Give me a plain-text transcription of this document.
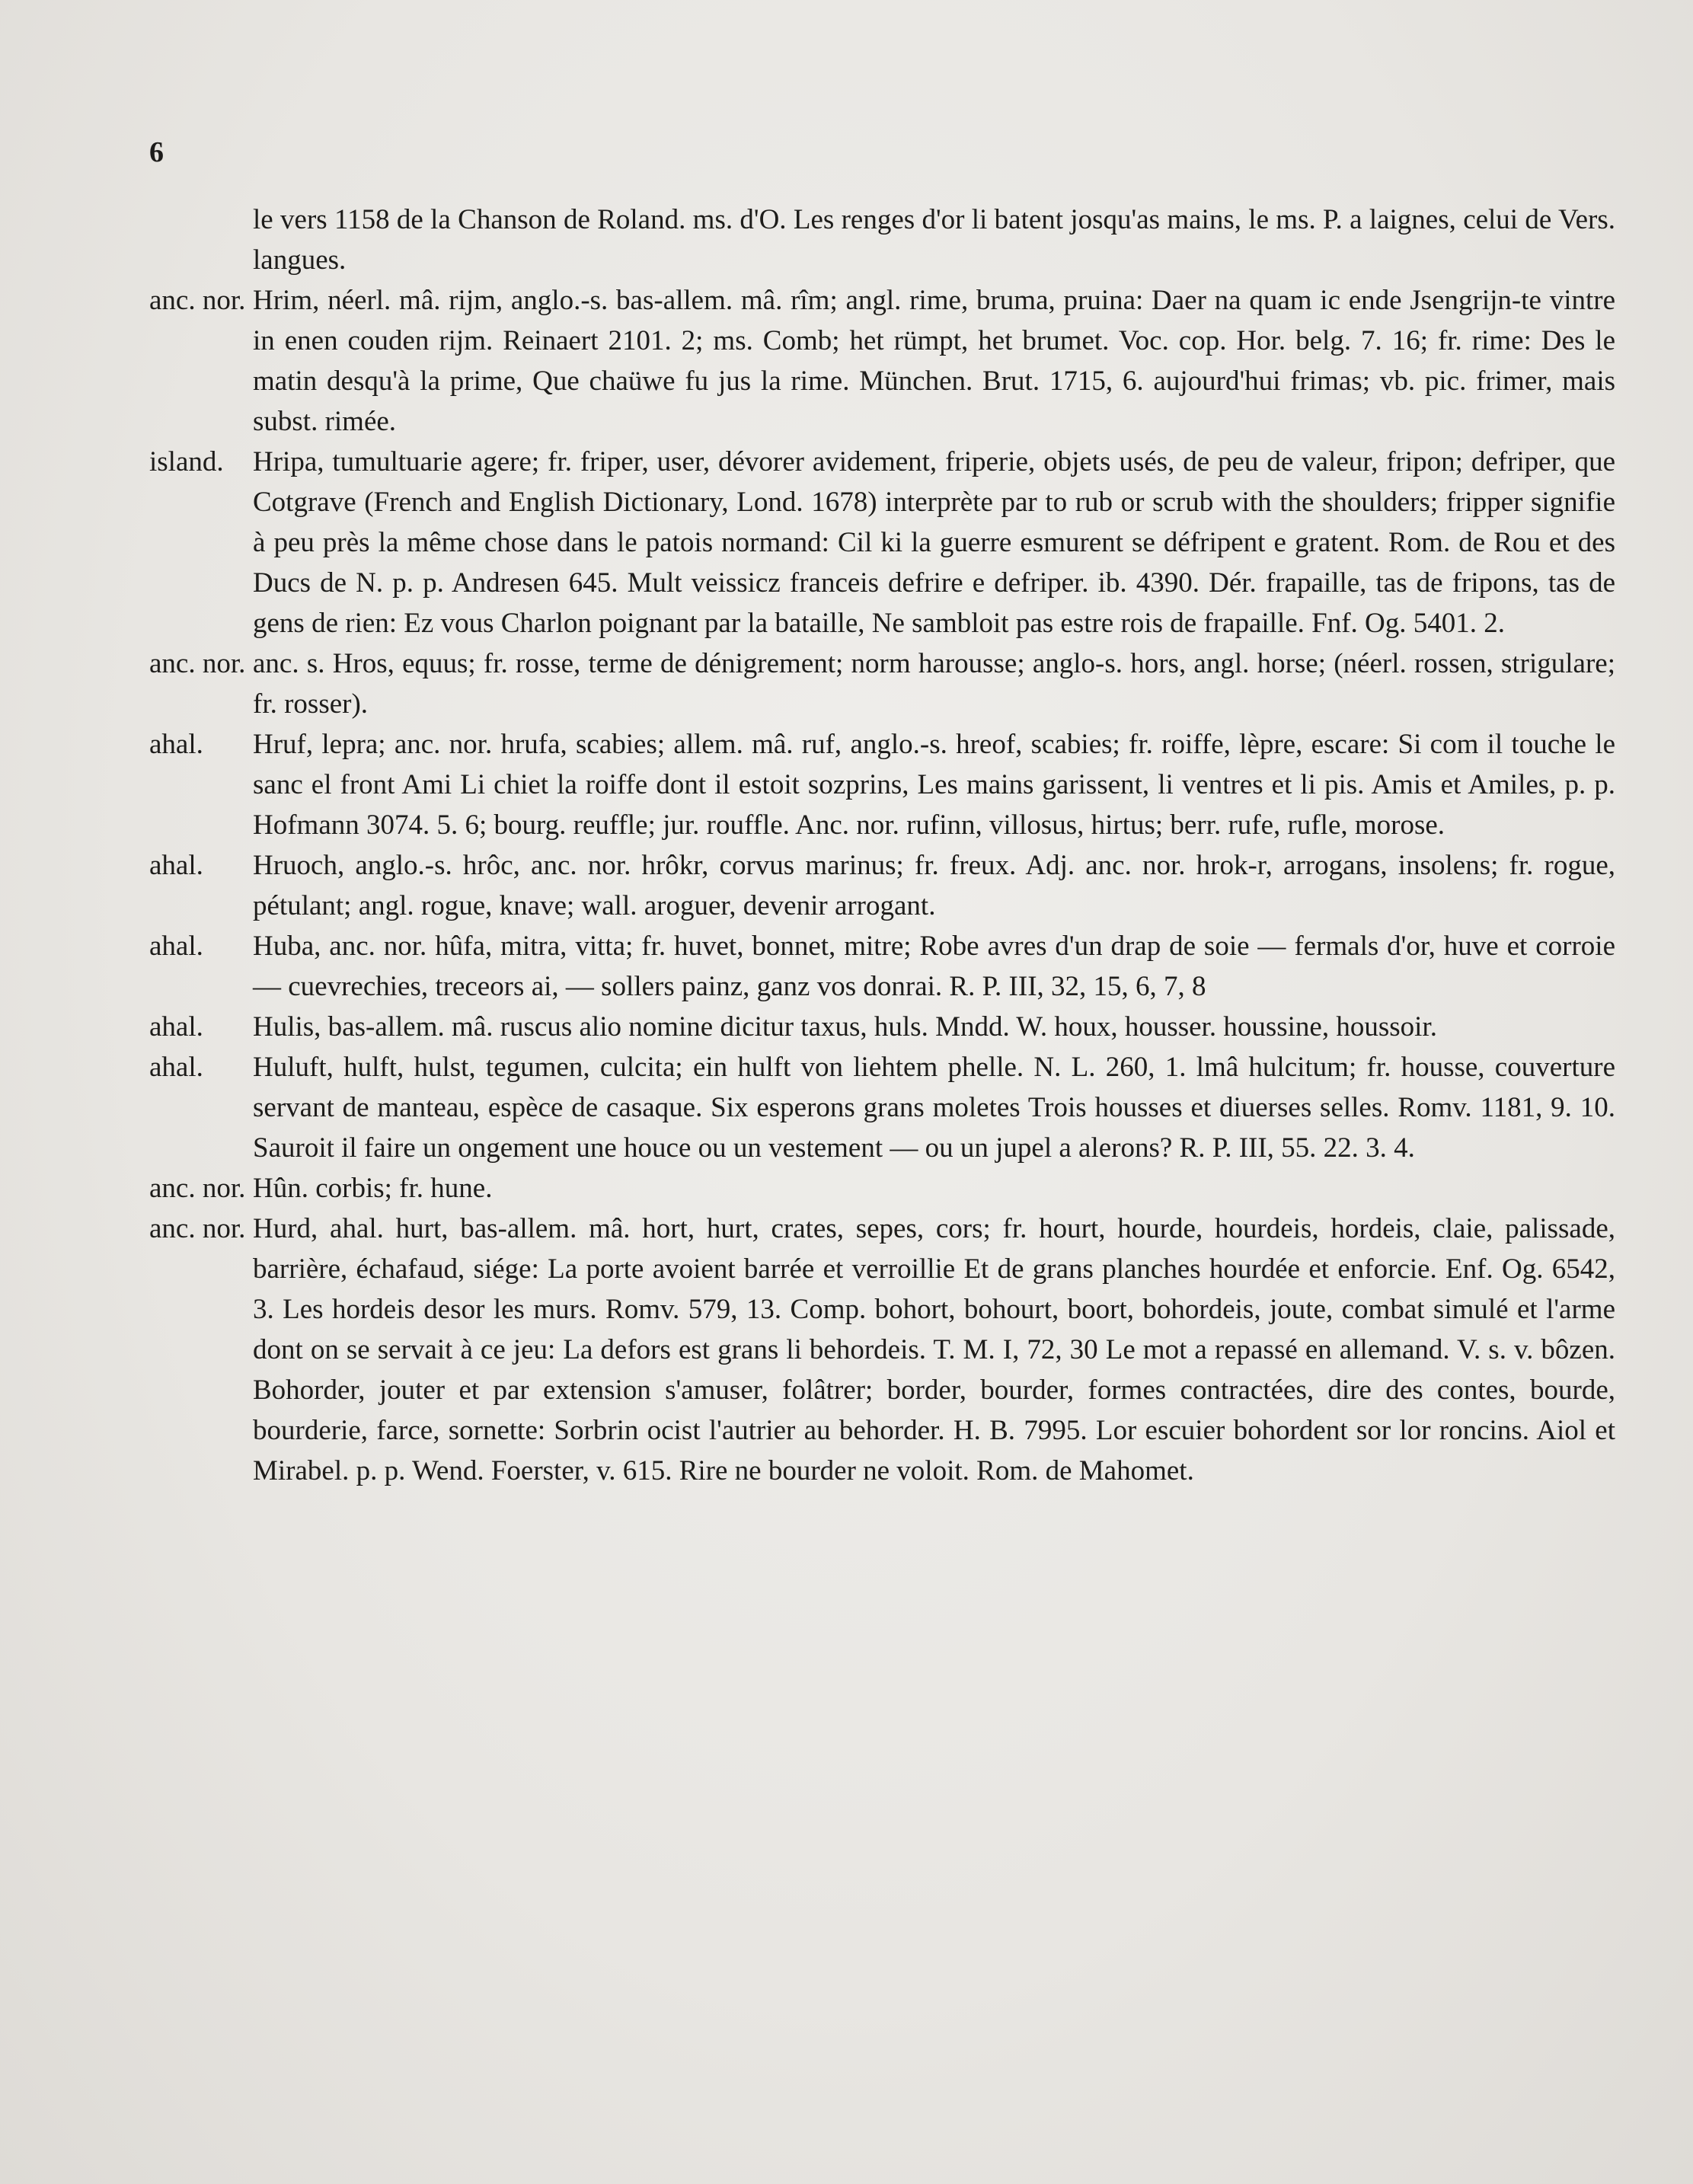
6
le vers 1158 de la Chanson de Roland. ms. d'O. Les renges d'or li batent josqu'as mains, le ms. P. a laignes, celui de Vers. langues.
anc. nor. Hrim, néerl. mâ. rijm, anglo.-s. bas-allem. mâ. rîm; angl. rime, bruma, pruina: Daer na quam ic ende Jsengrijn-te vintre in enen couden rijm. Reinaert 2101. 2; ms. Comb; het rümpt, het brumet. Voc. cop. Hor. belg. 7. 16; fr. rime: Des le matin desqu'à la prime, Que chaüwe fu jus la rime. München. Brut. 1715, 6. aujourd'hui frimas; vb. pic. frimer, mais subst. rimée.
island.	Hripa, tumultuarie agere; fr. friper, user, dévorer avidement, friperie, objets usés, de peu de valeur, fripon; defriper, que Cotgrave (French and English Dictionary, Lond. 1678) interprète par to rub or scrub with the shoulders; fripper signifie à peu près la même chose dans le patois normand: Cil ki la guerre esmurent se défripent e gratent. Rom. de Rou et des Ducs de N. p. p. Andresen 645. Mult veissicz franceis defrire e defriper. ib. 4390. Dér. frapaille, tas de fripons, tas de gens de rien: Ez vous Charlon poignant par la bataille, Ne sambloit pas estre rois de frapaille. Fnf. Og. 5401. 2.
anc. nor. anc. s. Hros, equus; fr. rosse, terme de dénigrement; norm harousse; anglo-s. hors, angl. horse; (néerl. rossen, strigulare; fr. rosser).
ahal.	Hruf, lepra; anc. nor. hrufa, scabies; allem. mâ. ruf, anglo.-s. hreof, scabies; fr. roiffe, lèpre, escare: Si com il touche le sanc el front Ami Li chiet la roiffe dont il estoit sozprins, Les mains garissent, li ventres et li pis. Amis et Amiles, p. p. Hofmann 3074. 5. 6; bourg. reuffle; jur. rouffle. Anc. nor. rufinn, villosus, hirtus; berr. rufe, rufle, morose.
ahal.	Hruoch, anglo.-s. hrôc, anc. nor. hrôkr, corvus marinus; fr. freux. Adj. anc. nor. hrok-r, arrogans, insolens; fr. rogue, pétulant; angl. rogue, knave; wall. aroguer, devenir arrogant.
ahal.	Huba, anc. nor. hûfa, mitra, vitta; fr. huvet, bonnet, mitre; Robe avres d'un drap de soie — fermals d'or, huve et corroie — cuevrechies, treceors ai, — sollers painz, ganz vos donrai. R. P. III, 32, 15, 6, 7, 8
ahal.	Hulis, bas-allem. mâ. ruscus alio nomine dicitur taxus, huls. Mndd. W. houx, housser. houssine, houssoir.
ahal.	Huluft, hulft, hulst, tegumen, culcita; ein hulft von liehtem phelle. N. L. 260, 1. lmâ hulcitum; fr. housse, couverture servant de manteau, espèce de casaque. Six esperons grans moletes Trois housses et diuerses selles. Romv. 1181, 9. 10. Sauroit il faire un ongement une houce ou un vestement — ou un jupel a alerons? R. P. III, 55. 22. 3. 4.
anc. nor. Hûn. corbis; fr. hune.
anc. nor. Hurd, ahal. hurt, bas-allem. mâ. hort, hurt, crates, sepes, cors; fr. hourt, hourde, hourdeis, hordeis, claie, palissade, barrière, échafaud, siége: La porte avoient barrée et verroillie Et de grans planches hourdée et enforcie. Enf. Og. 6542, 3. Les hordeis desor les murs. Romv. 579, 13. Comp. bohort, bohourt, boort, bohordeis, joute, combat simulé et l'arme dont on se servait à ce jeu: La defors est grans li behordeis. T. M. I, 72, 30 Le mot a repassé en allemand. V. s. v. bôzen. Bohorder, jouter et par extension s'amuser, folâtrer; border, bourder, formes contractées, dire des contes, bourde, bourderie, farce, sornette: Sorbrin ocist l'autrier au behorder. H. B. 7995. Lor escuier bohordent sor lor roncins. Aiol et Mirabel. p. p. Wend. Foerster, v. 615. Rire ne bourder ne voloit. Rom. de Mahomet.
